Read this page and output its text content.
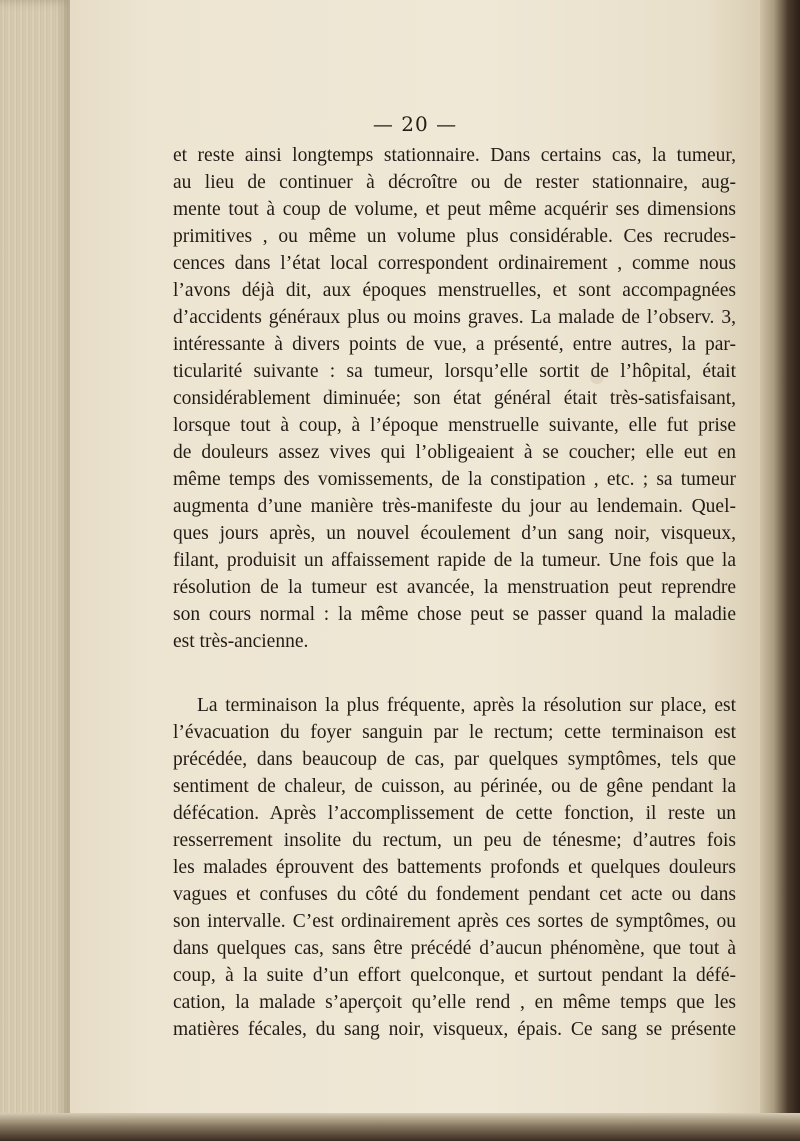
— 20 —
et reste ainsi longtemps stationnaire. Dans certains cas, la tumeur,
au lieu de continuer à décroître ou de rester stationnaire, aug-
mente tout à coup de volume, et peut même acquérir ses dimensions
primitives , ou même un volume plus considérable. Ces recrudes-
cences dans l’état local correspondent ordinairement , comme nous
l’avons déjà dit, aux époques menstruelles, et sont accompagnées
d’accidents généraux plus ou moins graves. La malade de l’observ. 3,
intéressante à divers points de vue, a présenté, entre autres, la par-
ticularité suivante : sa tumeur, lorsqu’elle sortit de l’hôpital, était
considérablement diminuée; son état général était très-satisfaisant,
lorsque tout à coup, à l’époque menstruelle suivante, elle fut prise
de douleurs assez vives qui l’obligeaient à se coucher; elle eut en
même temps des vomissements, de la constipation , etc. ; sa tumeur
augmenta d’une manière très-manifeste du jour au lendemain. Quel-
ques jours après, un nouvel écoulement d’un sang noir, visqueux,
filant, produisit un affaissement rapide de la tumeur. Une fois que la
résolution de la tumeur est avancée, la menstruation peut reprendre
son cours normal : la même chose peut se passer quand la maladie
est très-ancienne.
La terminaison la plus fréquente, après la résolution sur place, est
l’évacuation du foyer sanguin par le rectum; cette terminaison est
précédée, dans beaucoup de cas, par quelques symptômes, tels que
sentiment de chaleur, de cuisson, au périnée, ou de gêne pendant la
défécation. Après l’accomplissement de cette fonction, il reste un
resserrement insolite du rectum, un peu de ténesme; d’autres fois
les malades éprouvent des battements profonds et quelques douleurs
vagues et confuses du côté du fondement pendant cet acte ou dans
son intervalle. C’est ordinairement après ces sortes de symptômes, ou
dans quelques cas, sans être précédé d’aucun phénomène, que tout à
coup, à la suite d’un effort quelconque, et surtout pendant la défé-
cation, la malade s’aperçoit qu’elle rend , en même temps que les
matières fécales, du sang noir, visqueux, épais. Ce sang se présente
